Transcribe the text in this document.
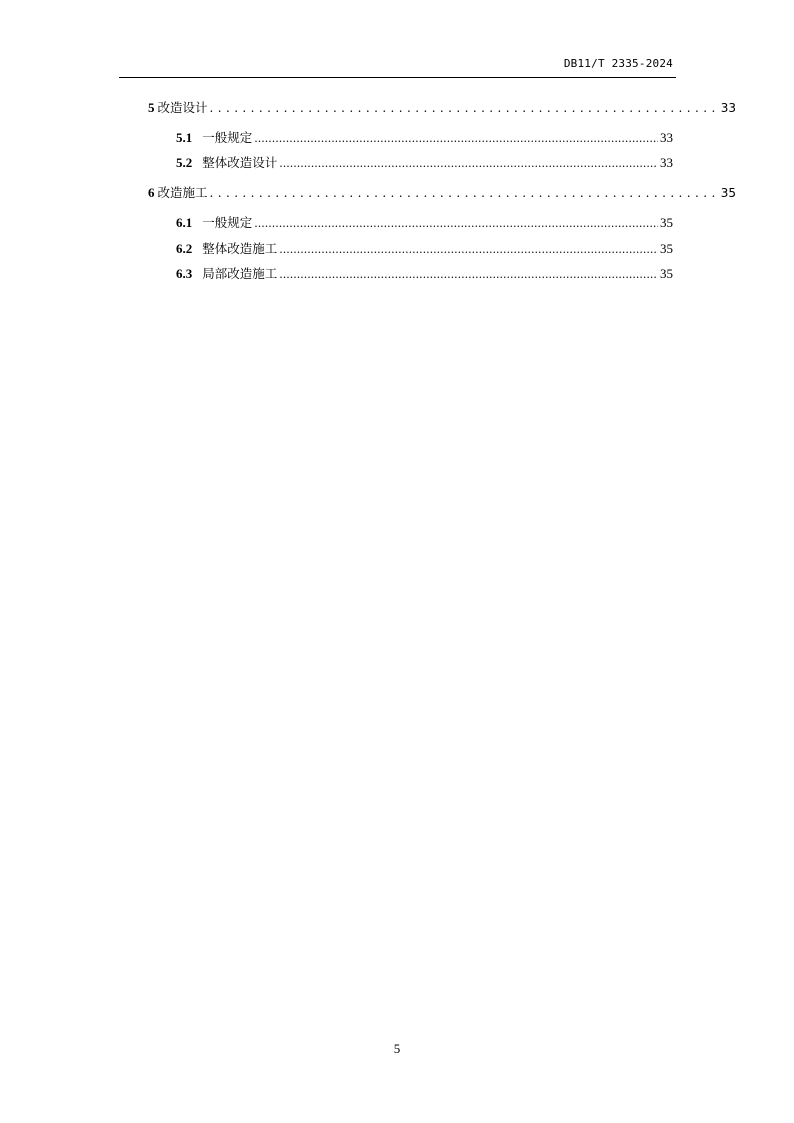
DB11/T 2335-2024
5 改造设计 . . .	33
5.1 一般规定 .....	33
5.2 整体改造设计 .....	33
6 改造施工 . . .	35
6.1 一般规定 .....	35
6.2 整体改造施工 .....	35
6.3 局部改造施工 .....	35
5
